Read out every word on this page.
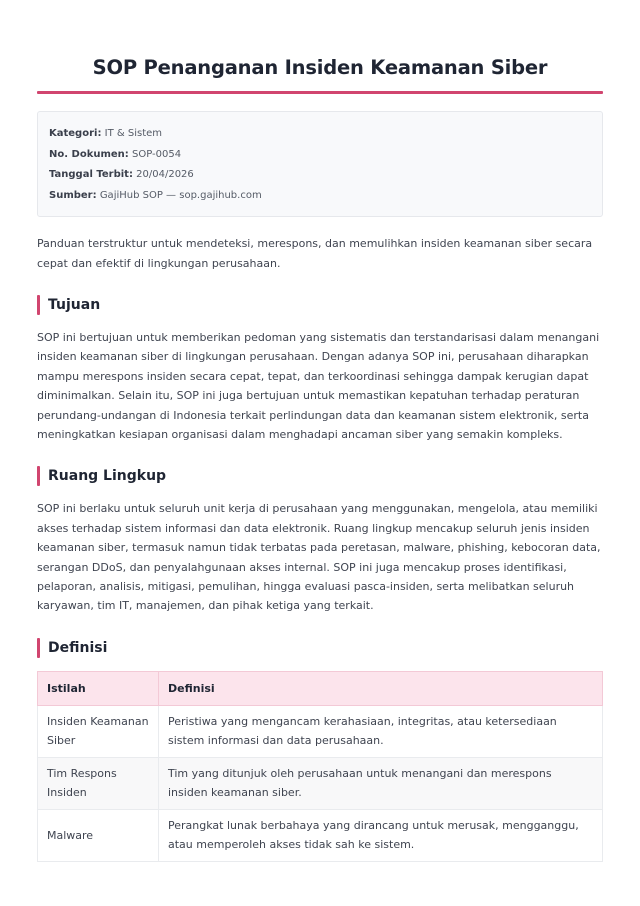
SOP Penanganan Insiden Keamanan Siber
Kategori: IT & Sistem
No. Dokumen: SOP-0054
Tanggal Terbit: 20/04/2026
Sumber: GajiHub SOP — sop.gajihub.com

Panduan terstruktur untuk mendeteksi, merespons, dan memulihkan insiden keamanan siber secara cepat dan efektif di lingkungan perusahaan.

Tujuan

SOP ini bertujuan untuk memberikan pedoman yang sistematis dan terstandarisasi dalam menangani insiden keamanan siber di lingkungan perusahaan. Dengan adanya SOP ini, perusahaan diharapkan mampu merespons insiden secara cepat, tepat, dan terkoordinasi sehingga dampak kerugian dapat diminimalkan. Selain itu, SOP ini juga bertujuan untuk memastikan kepatuhan terhadap peraturan perundang-undangan di Indonesia terkait perlindungan data dan keamanan sistem elektronik, serta meningkatkan kesiapan organisasi dalam menghadapi ancaman siber yang semakin kompleks.

Ruang Lingkup

SOP ini berlaku untuk seluruh unit kerja di perusahaan yang menggunakan, mengelola, atau memiliki akses terhadap sistem informasi dan data elektronik. Ruang lingkup mencakup seluruh jenis insiden keamanan siber, termasuk namun tidak terbatas pada peretasan, malware, phishing, kebocoran data, serangan DDoS, dan penyalahgunaan akses internal. SOP ini juga mencakup proses identifikasi, pelaporan, analisis, mitigasi, pemulihan, hingga evaluasi pasca-insiden, serta melibatkan seluruh karyawan, tim IT, manajemen, dan pihak ketiga yang terkait.

Definisi
Istilah	Definisi
Insiden Keamanan Siber	Peristiwa yang mengancam kerahasiaan, integritas, atau ketersediaan sistem informasi dan data perusahaan.
Tim Respons Insiden	Tim yang ditunjuk oleh perusahaan untuk menangani dan merespons insiden keamanan siber.
Malware	Perangkat lunak berbahaya yang dirancang untuk merusak, mengganggu, atau memperoleh akses tidak sah ke sistem.
